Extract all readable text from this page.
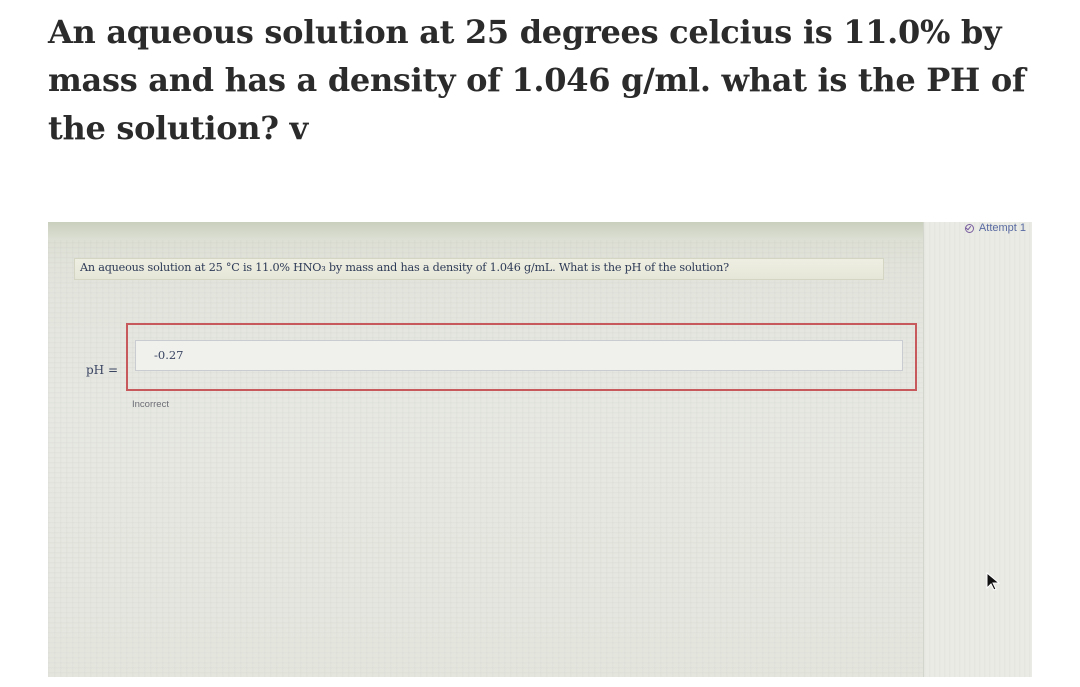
An aqueous solution at 25 degrees celcius is 11.0% by mass and has a density of 1.046 g/ml. what is the PH of the solution? v
Attempt 1
An aqueous solution at 25 °C is 11.0% HNO₃ by mass and has a density of 1.046 g/mL. What is the pH of the solution?
pH =
-0.27
Incorrect
